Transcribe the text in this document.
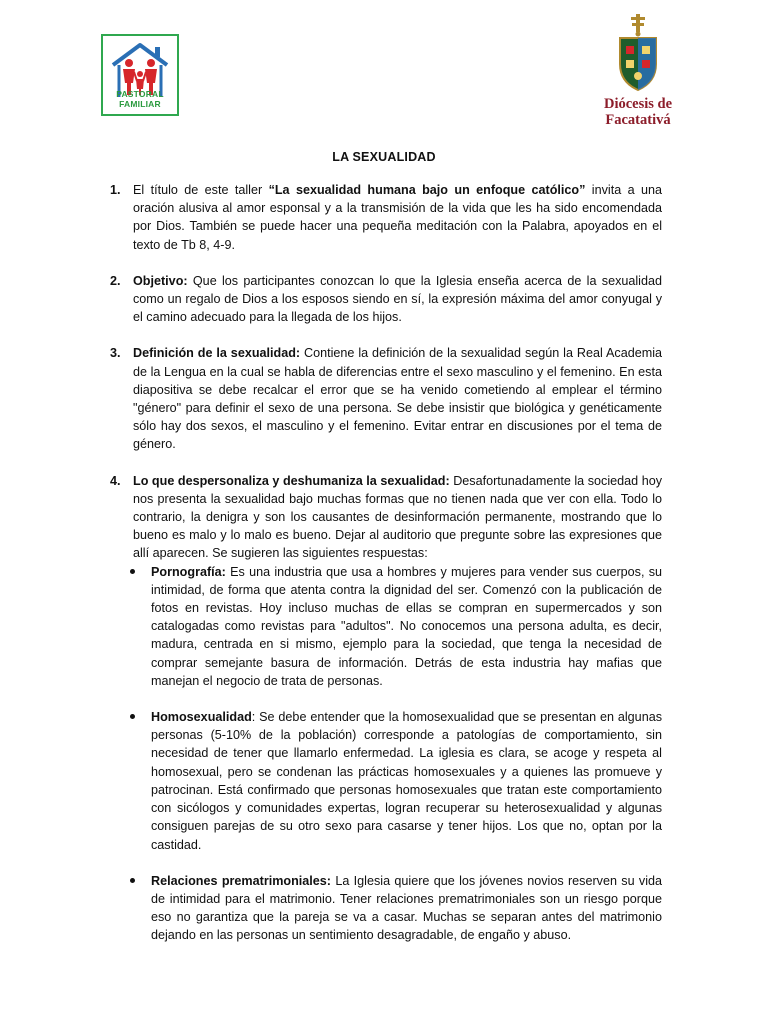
PASTORAL FAMILIAR	Diócesis de
Facatativá
LA SEXUALIDAD
1. El título de este taller “La sexualidad humana bajo un enfoque católico” invita a una oración alusiva al amor esponsal y a la transmisión de la vida que les ha sido encomendada por Dios. También se puede hacer una pequeña meditación con la Palabra, apoyados en el texto de Tb 8, 4-9.
2. Objetivo: Que los participantes conozcan lo que la Iglesia enseña acerca de la sexualidad como un regalo de Dios a los esposos siendo en sí, la expresión máxima del amor conyugal y el camino adecuado para la llegada de los hijos.
3. Definición de la sexualidad: Contiene la definición de la sexualidad según la Real Academia de la Lengua en la cual se habla de diferencias entre el sexo masculino y el femenino. En esta diapositiva se debe recalcar el error que se ha venido cometiendo al emplear el término "género" para definir el sexo de una persona. Se debe insistir que biológica y genéticamente sólo hay dos sexos, el masculino y el femenino. Evitar entrar en discusiones por el tema de género.
4. Lo que despersonaliza y deshumaniza la sexualidad: Desafortunadamente la sociedad hoy nos presenta la sexualidad bajo muchas formas que no tienen nada que ver con ella. Todo lo contrario, la denigra y son los causantes de desinformación permanente, mostrando que lo bueno es malo y lo malo es bueno. Dejar al auditorio que pregunte sobre las expresiones que allí aparecen. Se sugieren las siguientes respuestas:
Pornografía: Es una industria que usa a hombres y mujeres para vender sus cuerpos, su intimidad, de forma que atenta contra la dignidad del ser. Comenzó con la publicación de fotos en revistas. Hoy incluso muchas de ellas se compran en supermercados y son catalogadas como revistas para "adultos". No conocemos una persona adulta, es decir, madura, centrada en si mismo, ejemplo para la sociedad, que tenga la necesidad de comprar semejante basura de información. Detrás de esta industria hay mafias que manejan el negocio de trata de personas.
Homosexualidad: Se debe entender que la homosexualidad que se presentan en algunas personas (5-10% de la población) corresponde a patologías de comportamiento, sin necesidad de tener que llamarlo enfermedad. La iglesia es clara, se acoge y respeta al homosexual, pero se condenan las prácticas homosexuales y a quienes las promueve y patrocinan. Está confirmado que personas homosexuales que tratan este comportamiento con sicólogos y comunidades expertas, logran recuperar su heterosexualidad y algunas consiguen parejas de su otro sexo para casarse y tener hijos. Los que no, optan por la castidad.
Relaciones prematrimoniales: La Iglesia quiere que los jóvenes novios reserven su vida de intimidad para el matrimonio. Tener relaciones prematrimoniales son un riesgo porque eso no garantiza que la pareja se va a casar. Muchas se separan antes del matrimonio dejando en las personas un sentimiento desagradable, de engaño y abuso.
